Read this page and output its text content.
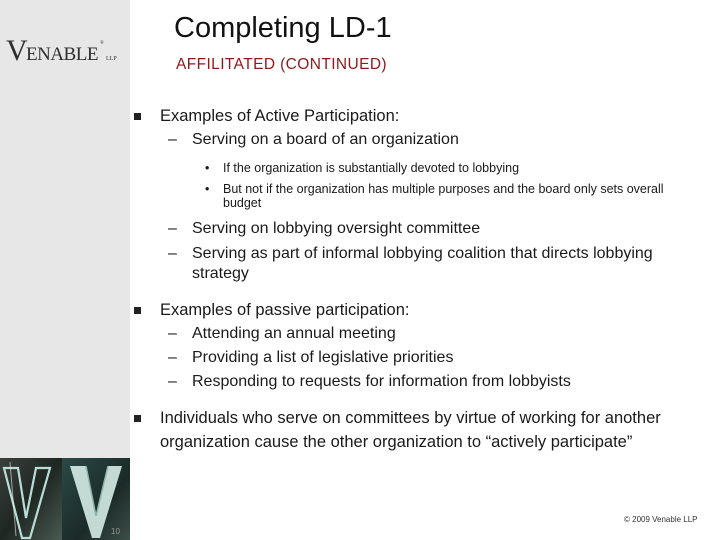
V
ENABLE
®
LLP
Completing LD-1
AFFILITATED (CONTINUED)
Examples of Active Participation:
– Serving on a board of an organization
• If the organization is substantially devoted to lobbying
• But not if the organization has multiple purposes and the board only sets overall budget
– Serving on lobbying oversight committee
– Serving as part of informal lobbying coalition that directs lobbying strategy
Examples of passive participation:
– Attending an annual meeting
– Providing a list of legislative priorities
– Responding to requests for information from lobbyists
Individuals who serve on committees by virtue of working for another organization cause the other organization to “actively participate”
10
© 2009 Venable LLP
